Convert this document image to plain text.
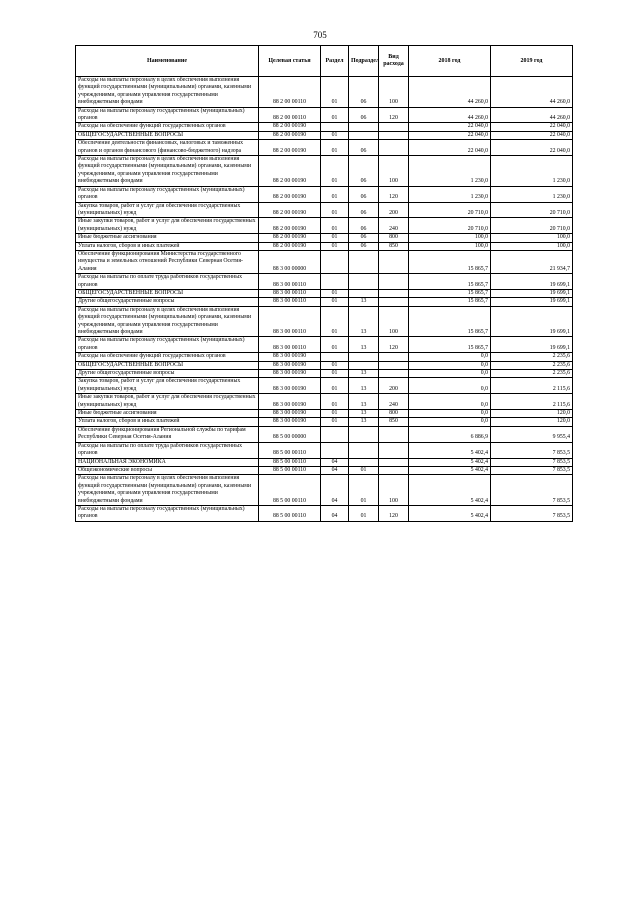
705
Наименование	Целевая статья	Раздел	Подраздел	Вид расхода	2018 год	2019 год
Расходы на выплаты персоналу в целях обеспечения выполнения функций государственными (муниципальными) органами, казенными учреждениями, органами управления государственными внебюджетными фондами	88 2 00 00110	01	06	100	44 260,0	44 260,0
Расходы на выплаты персоналу государственных (муниципальных) органов	88 2 00 00110	01	06	120	44 260,0	44 260,0
Расходы на обеспечение функций государственных органов	88 2 00 00190				22 040,0	22 040,0
ОБЩЕГОСУДАРСТВЕННЫЕ ВОПРОСЫ	88 2 00 00190	01			22 040,0	22 040,0
Обеспечение деятельности финансовых, налоговых и таможенных органов и органов финансового (финансово-бюджетного) надзора	88 2 00 00190	01	06		22 040,0	22 040,0
Расходы на выплаты персоналу в целях обеспечения выполнения функций государственными (муниципальными) органами, казенными учреждениями, органами управления государственными внебюджетными фондами	88 2 00 00190	01	06	100	1 230,0	1 230,0
Расходы на выплаты персоналу государственных (муниципальных) органов	88 2 00 00190	01	06	120	1 230,0	1 230,0
Закупка товаров, работ и услуг для обеспечения государственных (муниципальных) нужд	88 2 00 00190	01	06	200	20 710,0	20 710,0
Иные закупки товаров, работ и услуг для обеспечения государственных (муниципальных) нужд	88 2 00 00190	01	06	240	20 710,0	20 710,0
Иные бюджетные ассигнования	88 2 00 00190	01	06	800	100,0	100,0
Уплата налогов, сборов и иных платежей	88 2 00 00190	01	06	850	100,0	100,0
Обеспечение функционирования Министерства государственного имущества и земельных отношений Республики Северная Осетия-Алания	88 3 00 00000				15 865,7	21 934,7
Расходы на выплаты по оплате труда работников государственных органов	88 3 00 00110				15 865,7	19 699,1
ОБЩЕГОСУДАРСТВЕННЫЕ ВОПРОСЫ	88 3 00 00110	01			15 865,7	19 699,1
Другие общегосударственные вопросы	88 3 00 00110	01	13		15 865,7	19 699,1
Расходы на выплаты персоналу в целях обеспечения выполнения функций государственными (муниципальными) органами, казенными учреждениями, органами управления государственными внебюджетными фондами	88 3 00 00110	01	13	100	15 865,7	19 699,1
Расходы на выплаты персоналу государственных (муниципальных) органов	88 3 00 00110	01	13	120	15 865,7	19 699,1
Расходы на обеспечение функций государственных органов	88 3 00 00190				0,0	2 235,6
ОБЩЕГОСУДАРСТВЕННЫЕ ВОПРОСЫ	88 3 00 00190	01			0,0	2 235,6
Другие общегосударственные вопросы	88 3 00 00190	01	13		0,0	2 235,6
Закупка товаров, работ и услуг для обеспечения государственных (муниципальных) нужд	88 3 00 00190	01	13	200	0,0	2 115,6
Иные закупки товаров, работ и услуг для обеспечения государственных (муниципальных) нужд	88 3 00 00190	01	13	240	0,0	2 115,6
Иные бюджетные ассигнования	88 3 00 00190	01	13	800	0,0	120,0
Уплата налогов, сборов и иных платежей	88 3 00 00190	01	13	850	0,0	120,0
Обеспечение функционирования Региональной службы по тарифам Республики Северная Осетия-Алания	88 5 00 00000				6 886,9	9 955,4
Расходы на выплаты по оплате труда работников государственных органов	88 5 00 00110				5 402,4	7 853,5
НАЦИОНАЛЬНАЯ ЭКОНОМИКА	88 5 00 00110	04			5 402,4	7 853,5
Общеэкономические вопросы	88 5 00 00110	04	01		5 402,4	7 853,5
Расходы на выплаты персоналу в целях обеспечения выполнения функций государственными (муниципальными) органами, казенными учреждениями, органами управления государственными внебюджетными фондами	88 5 00 00110	04	01	100	5 402,4	7 853,5
Расходы на выплаты персоналу государственных (муниципальных) органов	88 5 00 00110	04	01	120	5 402,4	7 853,5
